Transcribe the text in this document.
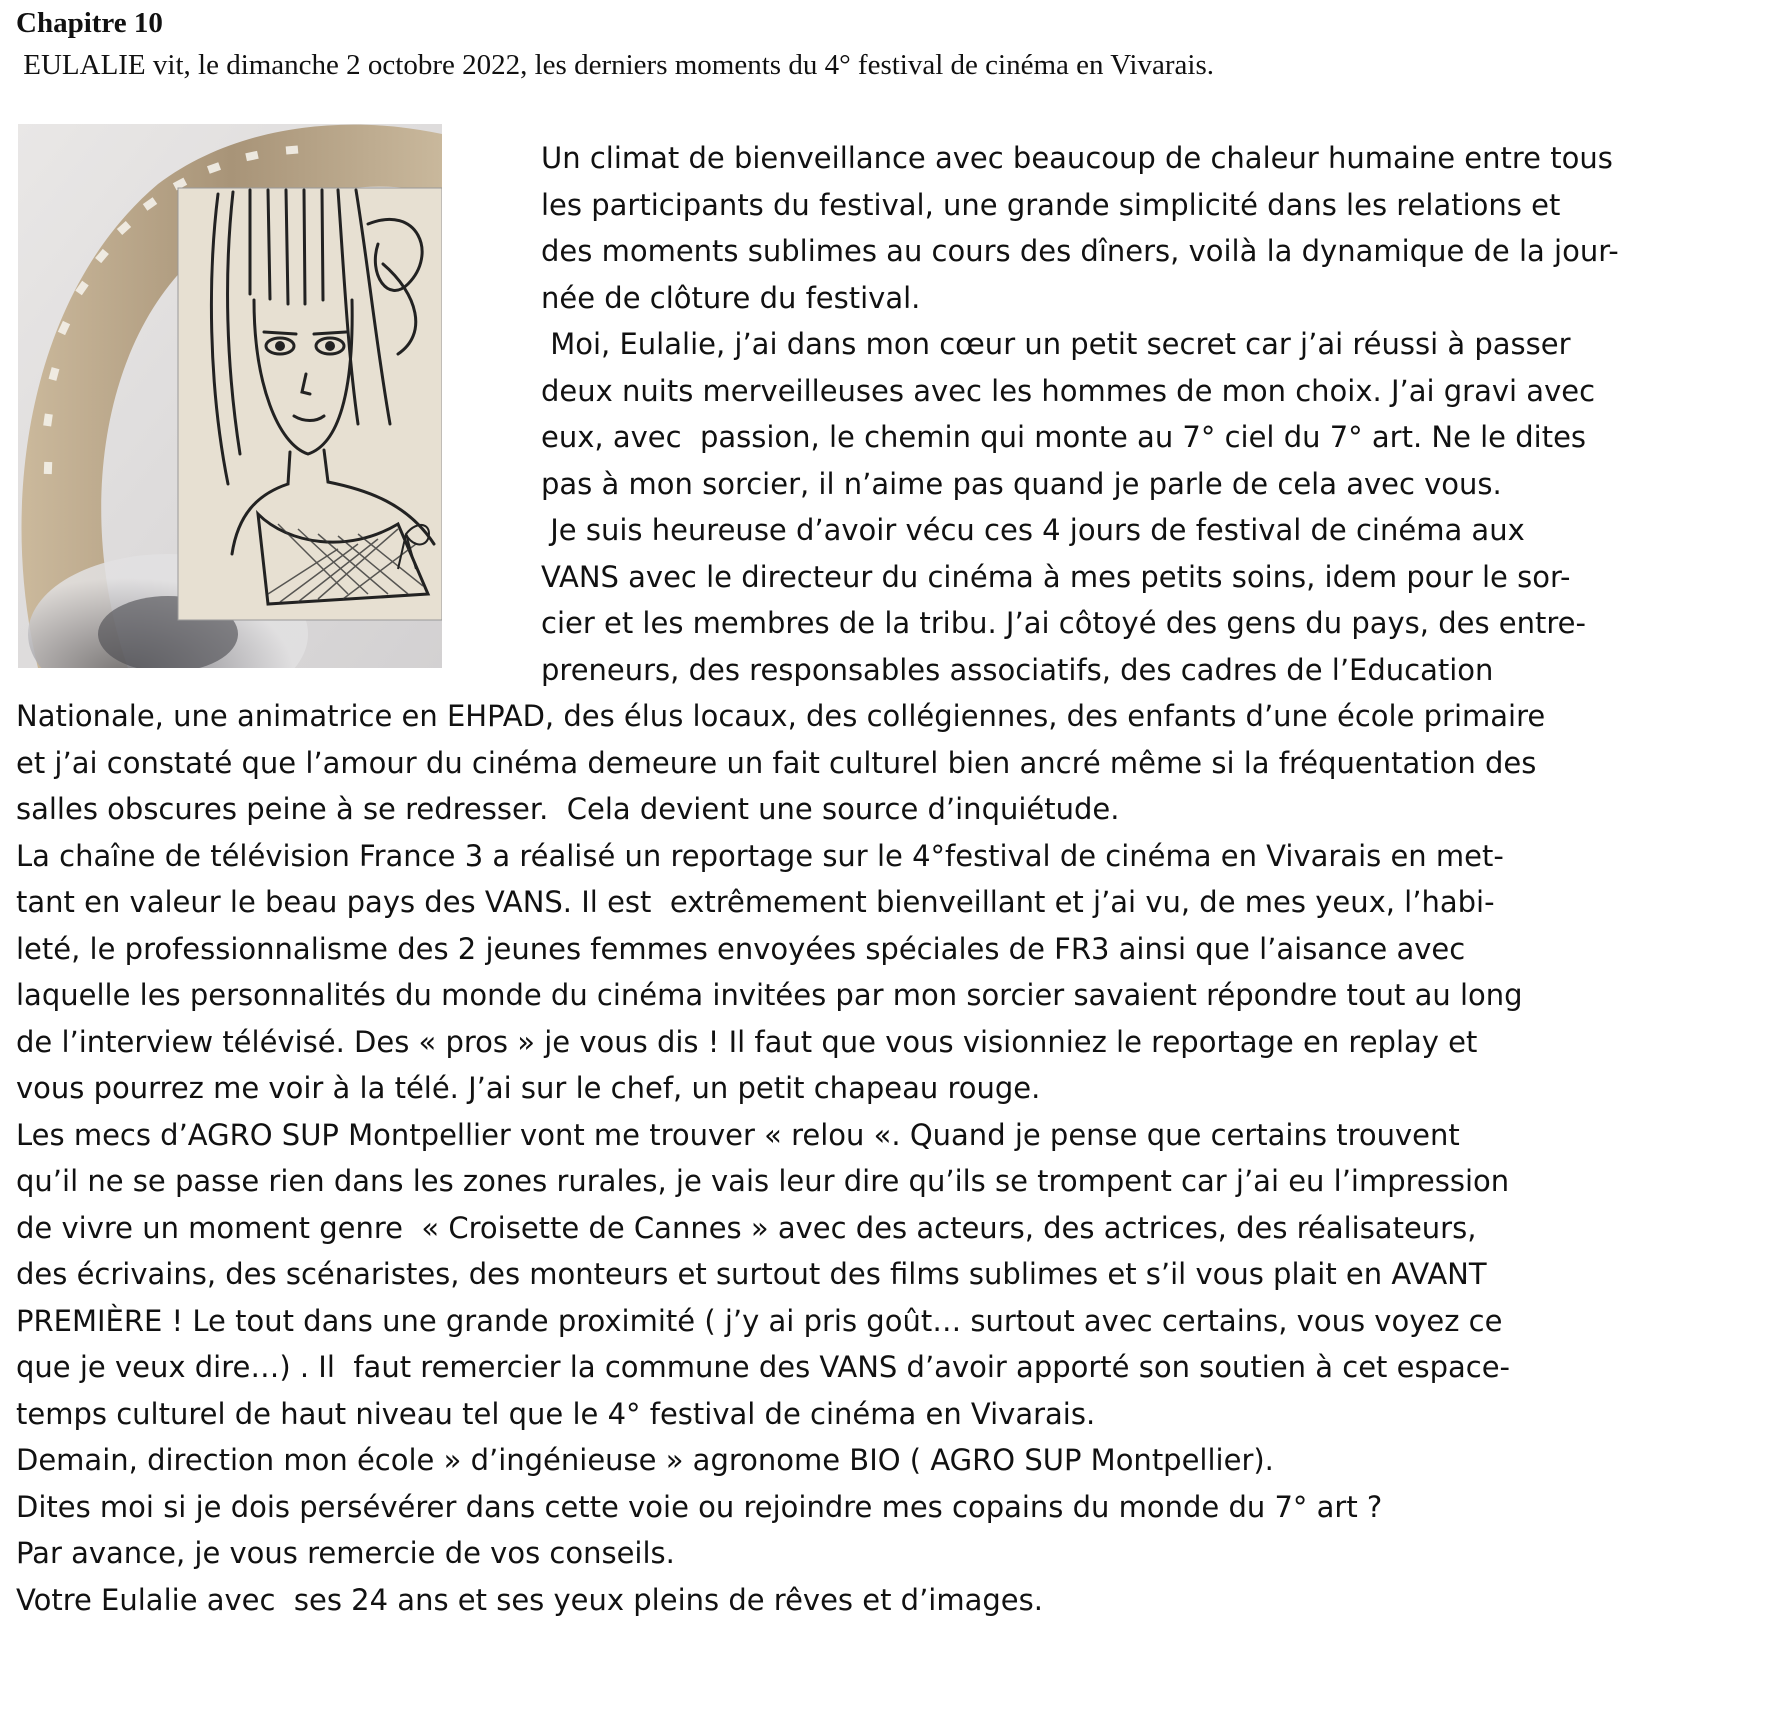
Chapitre 10
EULALIE vit, le dimanche 2 octobre 2022, les derniers moments du 4° festival de cinéma en Vivarais.
Un climat de bienveillance avec beaucoup de chaleur humaine entre tous
les participants du festival, une grande simplicité dans les relations et
des moments sublimes au cours des dîners, voilà la dynamique de la jour-
née de clôture du festival.
Moi, Eulalie, j’ai dans mon cœur un petit secret car j’ai réussi à passer
deux nuits merveilleuses avec les hommes de mon choix. J’ai gravi avec
eux, avec  passion, le chemin qui monte au 7° ciel du 7° art. Ne le dites
pas à mon sorcier, il n’aime pas quand je parle de cela avec vous.
Je suis heureuse d’avoir vécu ces 4 jours de festival de cinéma aux
VANS avec le directeur du cinéma à mes petits soins, idem pour le sor-
cier et les membres de la tribu. J’ai côtoyé des gens du pays, des entre-
preneurs, des responsables associatifs, des cadres de l’Education
Nationale, une animatrice en EHPAD, des élus locaux, des collégiennes, des enfants d’une école primaire
et j’ai constaté que l’amour du cinéma demeure un fait culturel bien ancré même si la fréquentation des
salles obscures peine à se redresser.  Cela devient une source d’inquiétude.
La chaîne de télévision France 3 a réalisé un reportage sur le 4°festival de cinéma en Vivarais en met-
tant en valeur le beau pays des VANS. Il est  extrêmement bienveillant et j’ai vu, de mes yeux, l’habi-
leté, le professionnalisme des 2 jeunes femmes envoyées spéciales de FR3 ainsi que l’aisance avec
laquelle les personnalités du monde du cinéma invitées par mon sorcier savaient répondre tout au long
de l’interview télévisé. Des « pros » je vous dis ! Il faut que vous visionniez le reportage en replay et
vous pourrez me voir à la télé. J’ai sur le chef, un petit chapeau rouge.
Les mecs d’AGRO SUP Montpellier vont me trouver « relou «. Quand je pense que certains trouvent
qu’il ne se passe rien dans les zones rurales, je vais leur dire qu’ils se trompent car j’ai eu l’impression
de vivre un moment genre  « Croisette de Cannes » avec des acteurs, des actrices, des réalisateurs,
des écrivains, des scénaristes, des monteurs et surtout des films sublimes et s’il vous plait en AVANT
PREMIÈRE ! Le tout dans une grande proximité ( j’y ai pris goût… surtout avec certains, vous voyez ce
que je veux dire…) . Il  faut remercier la commune des VANS d’avoir apporté son soutien à cet espace-
temps culturel de haut niveau tel que le 4° festival de cinéma en Vivarais.
Demain, direction mon école » d’ingénieuse » agronome BIO ( AGRO SUP Montpellier).
Dites moi si je dois persévérer dans cette voie ou rejoindre mes copains du monde du 7° art ?
Par avance, je vous remercie de vos conseils.
Votre Eulalie avec  ses 24 ans et ses yeux pleins de rêves et d’images.
